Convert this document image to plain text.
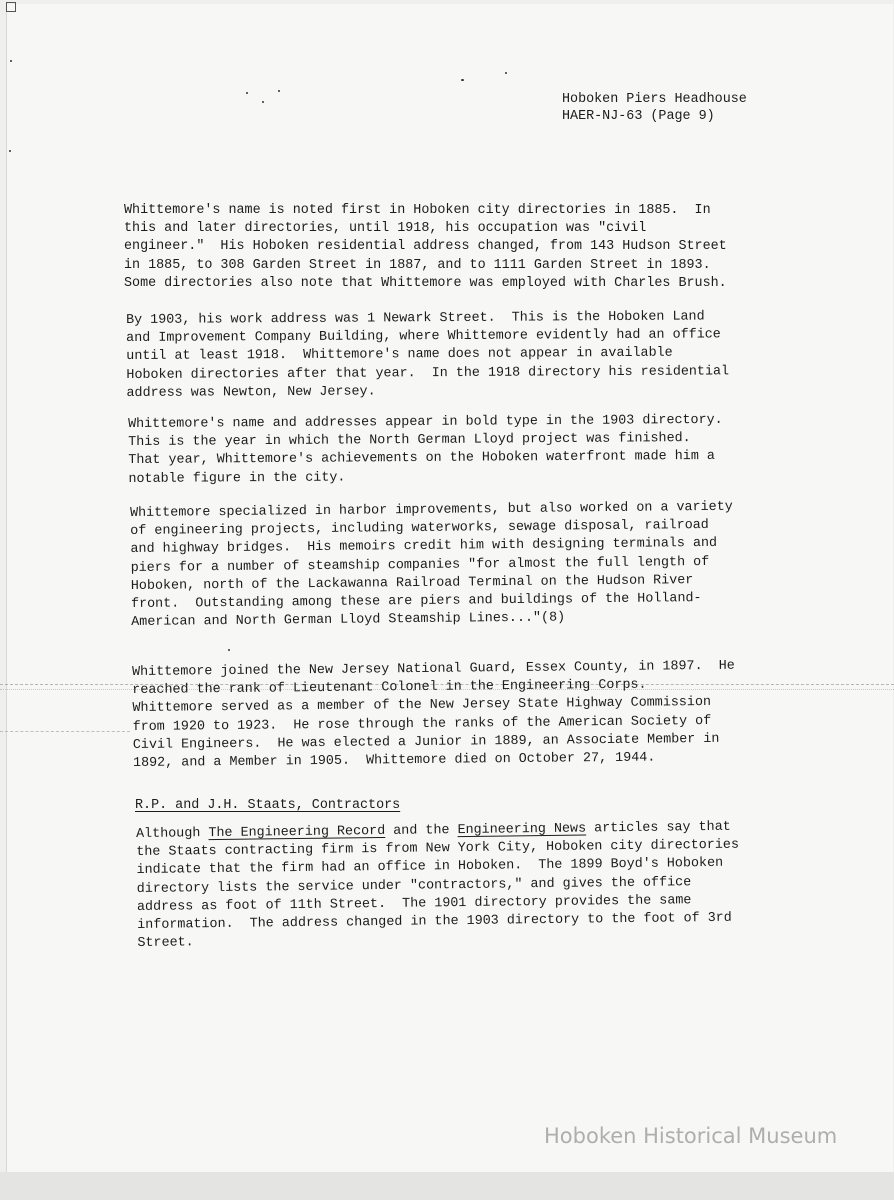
Hoboken Piers Headhouse
HAER-NJ-63 (Page 9)

Whittemore's name is noted first in Hoboken city directories in 1885.  In
this and later directories, until 1918, his occupation was "civil
engineer."  His Hoboken residential address changed, from 143 Hudson Street
in 1885, to 308 Garden Street in 1887, and to 1111 Garden Street in 1893.
Some directories also note that Whittemore was employed with Charles Brush.

By 1903, his work address was 1 Newark Street.  This is the Hoboken Land
and Improvement Company Building, where Whittemore evidently had an office
until at least 1918.  Whittemore's name does not appear in available
Hoboken directories after that year.  In the 1918 directory his residential
address was Newton, New Jersey.

Whittemore's name and addresses appear in bold type in the 1903 directory.
This is the year in which the North German Lloyd project was finished.
That year, Whittemore's achievements on the Hoboken waterfront made him a
notable figure in the city.

Whittemore specialized in harbor improvements, but also worked on a variety
of engineering projects, including waterworks, sewage disposal, railroad
and highway bridges.  His memoirs credit him with designing terminals and
piers for a number of steamship companies "for almost the full length of
Hoboken, north of the Lackawanna Railroad Terminal on the Hudson River
front.  Outstanding among these are piers and buildings of the Holland-
American and North German Lloyd Steamship Lines..."(8)

Whittemore joined the New Jersey National Guard, Essex County, in 1897.  He
reached the rank of Lieutenant Colonel in the Engineering Corps.
Whittemore served as a member of the New Jersey State Highway Commission
from 1920 to 1923.  He rose through the ranks of the American Society of
Civil Engineers.  He was elected a Junior in 1889, an Associate Member in
1892, and a Member in 1905.  Whittemore died on October 27, 1944.

R.P. and J.H. Staats, Contractors

Although The Engineering Record and the Engineering News articles say that
the Staats contracting firm is from New York City, Hoboken city directories
indicate that the firm had an office in Hoboken.  The 1899 Boyd's Hoboken
directory lists the service under "contractors," and gives the office
address as foot of 11th Street.  The 1901 directory provides the same
information.  The address changed in the 1903 directory to the foot of 3rd
Street.

Hoboken Historical Museum
